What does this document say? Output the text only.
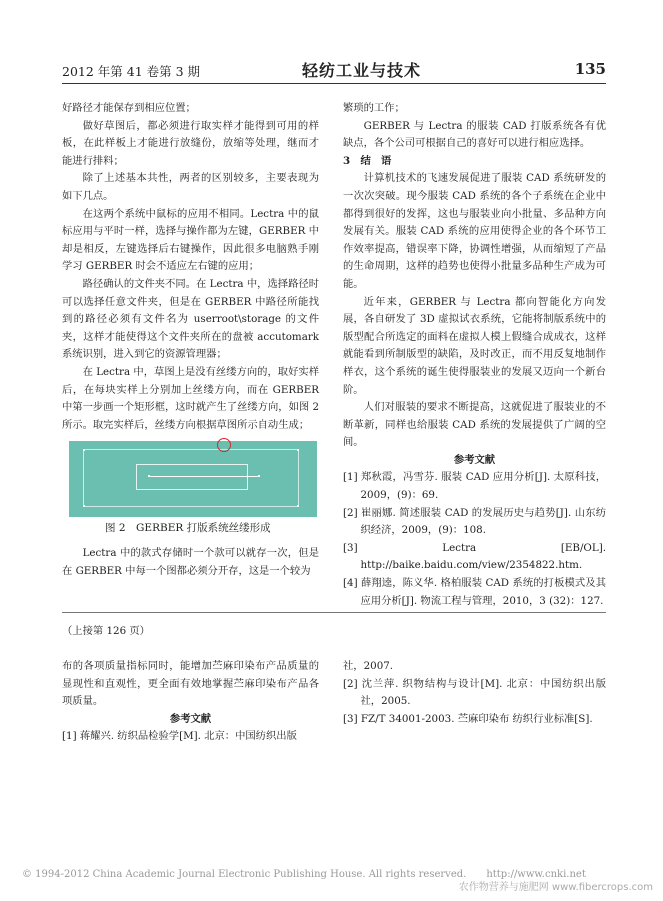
2012 年第 41 卷第 3 期	轻纺工业与技术	135

好路径才能保存到相应位置；

做好草图后，都必须进行取实样才能得到可用的样板，在此样板上才能进行放缝份，放缩等处理，继而才能进行排料；

除了上述基本共性，两者的区别较多，主要表现为如下几点。

在这两个系统中鼠标的应用不相同。Lectra 中的鼠标应用与平时一样，选择与操作都为左键，GERBER 中却是相反，左键选择后右键操作，因此很多电脑熟手刚学习 GERBER 时会不适应左右键的应用；

路径确认的文件夹不同。在 Lectra 中，选择路径时可以选择任意文件夹，但是在 GERBER 中路径所能找到的路径必须有文件名为 userroot\storage 的文件夹，这样才能使得这个文件夹所在的盘被 accutomark 系统识别，进入到它的资源管理器；

在 Lectra 中，草图上是没有丝缕方向的，取好实样后，在每块实样上分别加上丝缕方向，而在 GERBER 中第一步画一个矩形框，这时就产生了丝缕方向，如图 2 所示。取完实样后，丝缕方向根据草图所示自动生成；

图 2　GERBER 打版系统丝缕形成

Lectra 中的款式存储时一个款可以就存一次，但是在 GERBER 中每一个图都必须分开存，这是一个较为

繁琐的工作；

GERBER 与 Lectra 的服装 CAD 打版系统各有优缺点，各个公司可根据自己的喜好可以进行相应选择。

3　结　语

计算机技术的飞速发展促进了服装 CAD 系统研发的一次次突破。现今服装 CAD 系统的各个子系统在企业中都得到很好的发挥，这也与服装业向小批量、多品种方向发展有关。服装 CAD 系统的应用使得企业的各个环节工作效率提高，错误率下降，协调性增强，从而缩短了产品的生命周期，这样的趋势也使得小批量多品种生产成为可能。

近年来，GERBER 与 Lectra 都向智能化方向发展，各自研发了 3D 虚拟试衣系统，它能将制版系统中的版型配合所选定的面料在虚拟人模上假缝合成成衣，这样就能看到所制版型的缺陷，及时改正，而不用反复地制作样衣，这个系统的诞生使得服装业的发展又迈向一个新台阶。

人们对服装的要求不断提高，这就促进了服装业的不断革新，同样也给服装 CAD 系统的发展提供了广阔的空间。

参考文献

[1] 郑秋霞，冯雪芬. 服装 CAD 应用分析[J]. 太原科技，2009，(9)：69.

[2] 崔丽娜. 简述服装 CAD 的发展历史与趋势[J]. 山东纺织经济，2009，(9)：108.

[3] Lectra [EB/OL]. http://baike.baidu.com/view/2354822.htm.

[4] 薛翔逵，陈义华. 格柏服装 CAD 系统的打板模式及其应用分析[J]. 物流工程与管理，2010，3 (32)：127.

（上接第 126 页）

布的各项质量指标同时，能增加苎麻印染布产品质量的显现性和直观性，更全面有效地掌握苎麻印染布产品各项质量。

参考文献

[1] 蒋耀兴. 纺织品检验学[M]. 北京：中国纺织出版

社，2007.

[2] 沈兰萍. 织物结构与设计[M]. 北京：中国纺织出版社，2005.

[3] FZ/T 34001-2003. 苎麻印染布 纺织行业标准[S].

© 1994-2012 China Academic Journal Electronic Publishing House. All rights reserved.　　http://www.cnki.net
农作物营养与施肥网 www.fibercrops.com
